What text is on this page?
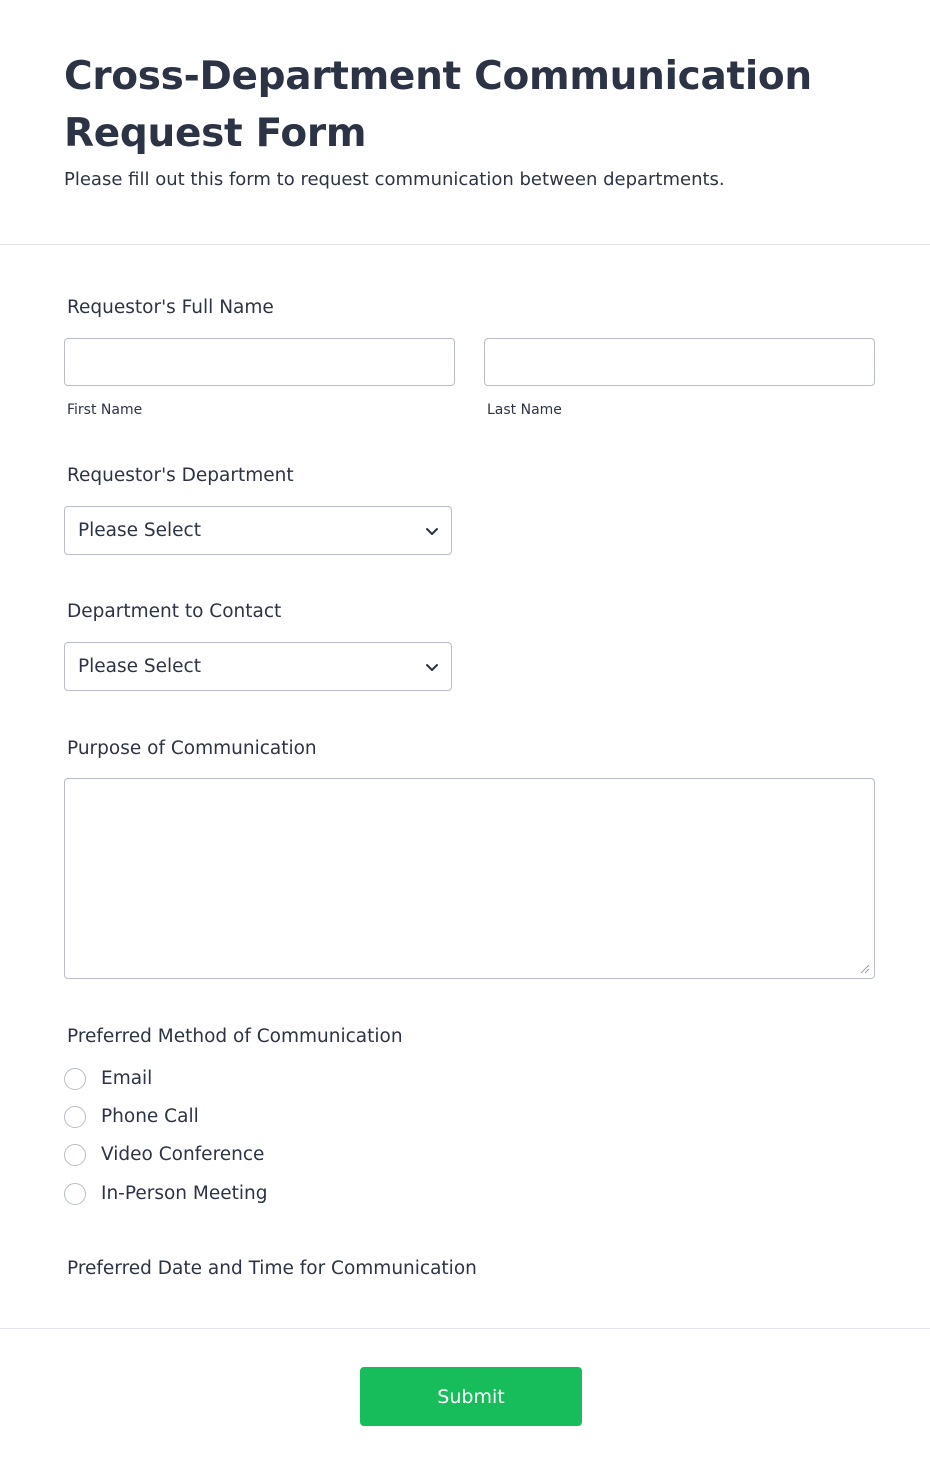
Cross-Department Communication Request Form

Please fill out this form to request communication between departments.

Requestor's Full Name
First Name	Last Name
Requestor's Department
Please Select
Department to Contact
Please Select
Purpose of Communication
Preferred Method of Communication
Email
Phone Call
Video Conference
In-Person Meeting
Preferred Date and Time for Communication
Submit
